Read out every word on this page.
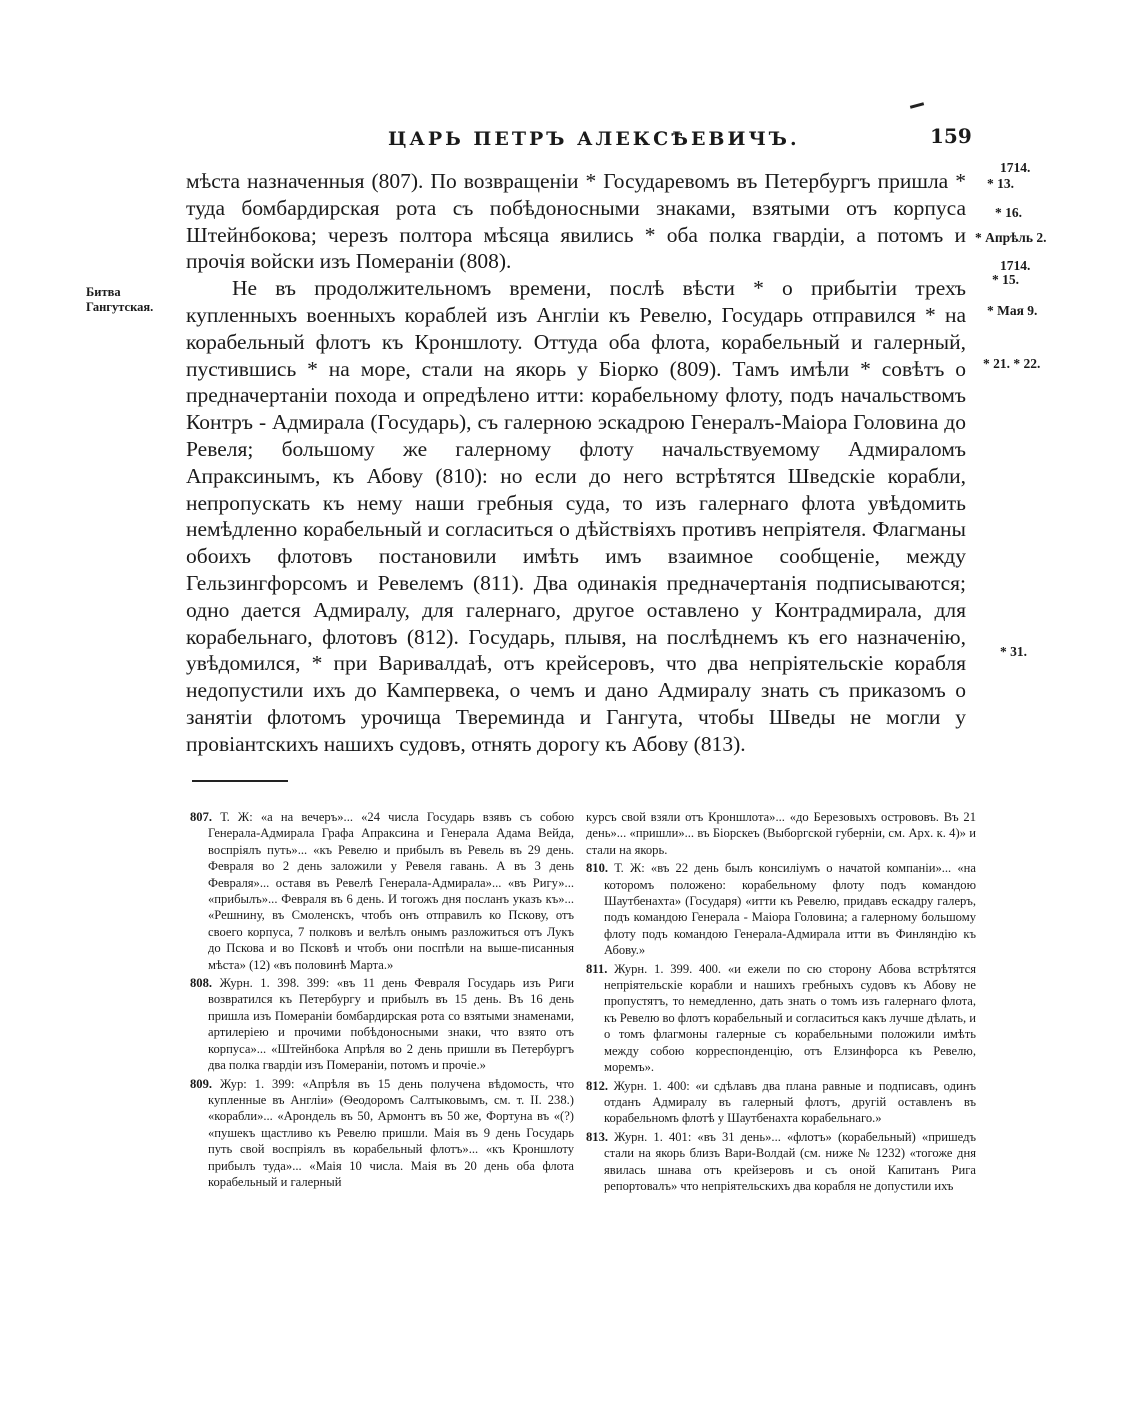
ЦАРЬ ПЕТРЪ АЛЕКСѢЕВИЧЪ.	159
Битва Гангутская.
1714.
* 13.
* 16.
* Апрѣль 2.
1714.
* 15.
* Мая 9.
* 21. * 22.
* 31.

мѣста назначенныя (807). По возвращеніи * Государевомъ въ Петербургъ пришла * туда бомбардирская рота съ побѣдоносными знаками, взятыми отъ корпуса Штейнбокова; черезъ полтора мѣсяца явились * оба полка гвардіи, а потомъ и прочія войски изъ Помераніи (808).

Не въ продолжительномъ времени, послѣ вѣсти * о прибытіи трехъ купленныхъ военныхъ кораблей изъ Англіи къ Ревелю, Государь отправился * на корабельный флотъ къ Кроншлоту. Оттуда оба флота, корабельный и галерный, пустившись * на море, стали на якорь у Біорко (809). Тамъ имѣли * совѣтъ о предначертаніи похода и опредѣлено итти: корабельному флоту, подъ начальствомъ Контръ - Адмирала (Государь), съ галерною эскадрою Генералъ-Маіора Головина до Ревеля; большому же галерному флоту начальствуемому Адмираломъ Апраксинымъ, къ Абову (810): но если до него встрѣтятся Шведскіе корабли, непропускать къ нему наши гребныя суда, то изъ галернаго флота увѣдомить немѣдленно корабельный и согласиться о дѣйствіяхъ противъ непріятеля. Флагманы обоихъ флотовъ постановили имѣть имъ взаимное сообщеніе, между Гельзингфорсомъ и Ревелемъ (811). Два одинакія предначертанія подписываются; одно дается Адмиралу, для галернаго, другое оставлено у Контрадмирала, для корабельнаго, флотовъ (812). Государь, плывя, на послѣднемъ къ его назначенію, увѣдомился, * при Варивалдаѣ, отъ крейсеровъ, что два непріятельскіе корабля недопустили ихъ до Кампервека, о чемъ и дано Адмиралу знать съ приказомъ о занятіи флотомъ урочища Твереминда и Гангута, чтобы Шведы не могли у провіантскихъ нашихъ судовъ, отнять дорогу къ Абову (813).

807. Т. Ж: «а на вечеръ»... «24 числа Государь взявъ съ собою Генерала-Адмирала Графа Апраксина и Генерала Адама Вейда, воспріялъ путь»... «къ Ревелю и прибылъ въ Ревель въ 29 день. Февраля во 2 день заложили у Ревеля гавань. А въ 3 день Февраля»... оставя въ Ревелѣ Генерала-Адмирала»... «въ Ригу»... «прибылъ»... Февраля въ 6 день. И тогожъ дня посланъ указъ къ»... «Решнину, въ Смоленскъ, чтобъ онъ отправилъ ко Пскову, отъ своего корпуса, 7 полковъ и велѣлъ онымъ разложиться отъ Лукъ до Пскова и во Псковѣ и чтобъ они поспѣли на выше-писанныя мѣста» (12) «въ половинѣ Марта.»

808. Журн. 1. 398. 399: «въ 11 день Февраля Государь изъ Риги возвратился къ Петербургу и прибылъ въ 15 день. Въ 16 день пришла изъ Помераніи бомбардирская рота со взятыми знаменами, артилеріею и прочими побѣдоносными знаки, что взято отъ корпуса»... «Штейнбока Апрѣля во 2 день пришли въ Петербургъ два полка гвардіи изъ Помераніи, потомъ и прочіе.»

809. Жур: 1. 399: «Апрѣля въ 15 день получена вѣдомость, что купленные въ Англіи» (Ѳеодоромъ Салтыковымъ, см. т. II. 238.) «корабли»... «Арондель въ 50, Армонтъ въ 50 же, Фортуна въ «(?) «пушекъ щастливо къ Ревелю пришли. Маія въ 9 день Государь путь свой воспріялъ въ корабельный флотъ»... «къ Кроншлоту прибылъ туда»... «Маія 10 числа. Маія въ 20 день оба флота корабельный и галерный

курсъ свой взяли отъ Кроншлота»... «до Березовыхъ острововъ. Въ 21 день»... «пришли»... въ Біорскеъ (Выборгской губерніи, см. Арх. к. 4)» и стали на якорь.

810. Т. Ж: «въ 22 день былъ консиліумъ о начатой компаніи»... «на которомъ положено: корабельному флоту подъ командою Шаутбенахта» (Государя) «итти къ Ревелю, придавъ ескадру галеръ, подъ командою Генерала - Маіора Головина; а галерному большому флоту подъ командою Генерала-Адмирала итти въ Финляндію къ Абову.»

811. Журн. 1. 399. 400. «и ежели по сю сторону Абова встрѣтятся непріятельскіе корабли и нашихъ гребныхъ судовъ къ Абову не пропустятъ, то немедленно, дать знать о томъ изъ галернаго флота, къ Ревелю во флотъ корабельный и согласиться какъ лучше дѣлать, и о томъ флагмоны галерные съ корабельными положили имѣть между собою корреспонденцію, отъ Елзинфорса къ Ревелю, моремъ».

812. Журн. 1. 400: «и сдѣлавъ два плана равные и подписавъ, одинъ отданъ Адмиралу въ галерный флотъ, другій оставленъ въ корабельномъ флотѣ у Шаутбенахта корабельнаго.»

813. Журн. 1. 401: «въ 31 день»... «флотъ» (корабельный) «пришедъ стали на якорь близъ Вари-Волдай (см. ниже № 1232) «тогоже дня явилась шнава отъ крейзеровъ и съ оной Капитанъ Рига репортовалъ» что непріятельскихъ два корабля не допустили ихъ
